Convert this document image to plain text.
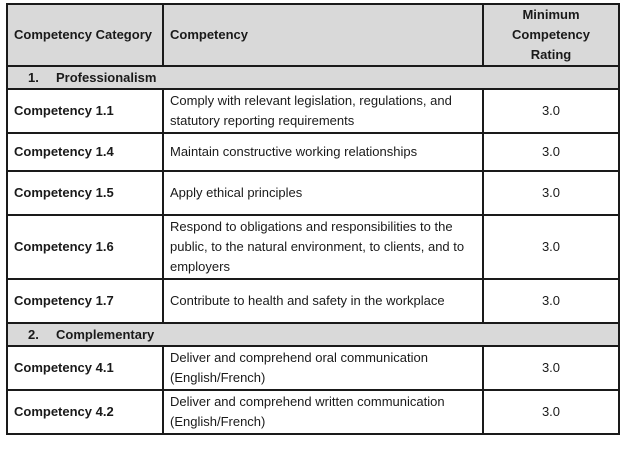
Competency Category	Competency	Minimum Competency Rating
1. Professionalism		
Competency 1.1	Comply with relevant legislation, regulations, and statutory reporting requirements	3.0
Competency 1.4	Maintain constructive working relationships	3.0
Competency 1.5	Apply ethical principles	3.0
Competency 1.6	Respond to obligations and responsibilities to the public, to the natural environment, to clients, and to employers	3.0
Competency 1.7	Contribute to health and safety in the workplace	3.0
2. Complementary		
Competency 4.1	Deliver and comprehend oral communication (English/French)	3.0
Competency 4.2	Deliver and comprehend written communication (English/French)	3.0
